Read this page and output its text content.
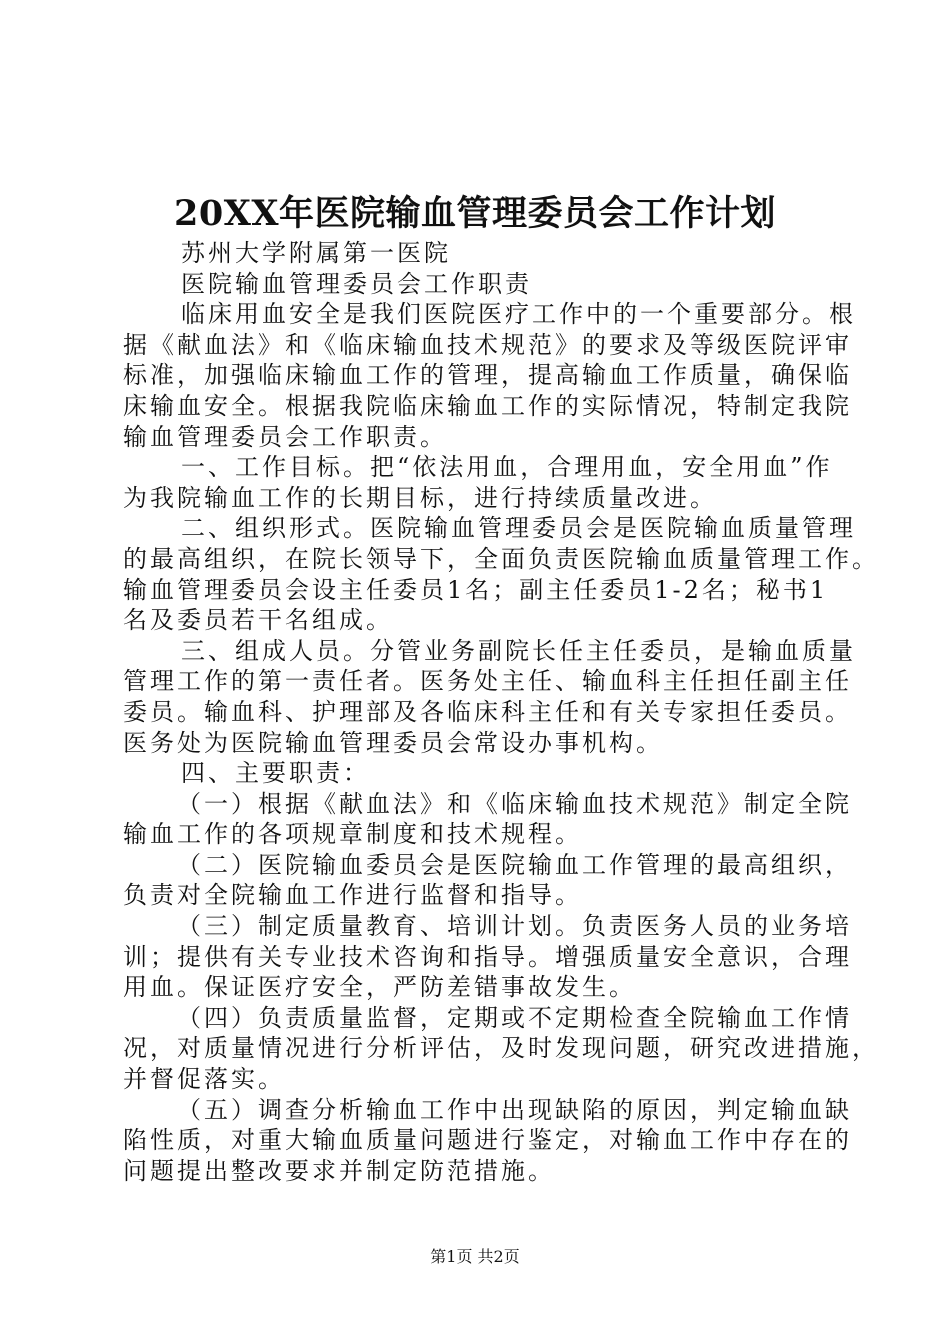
20XX年医院输血管理委员会工作计划
苏州大学附属第一医院
医院输血管理委员会工作职责
临床用血安全是我们医院医疗工作中的一个重要部分。根
据《献血法》和《临床输血技术规范》的要求及等级医院评审
标准，加强临床输血工作的管理，提高输血工作质量，确保临
床输血安全。根据我院临床输血工作的实际情况，特制定我院
输血管理委员会工作职责。
一、工作目标。把“依法用血，合理用血，安全用血”作
为我院输血工作的长期目标，进行持续质量改进。
二、组织形式。医院输血管理委员会是医院输血质量管理
的最高组织，在院长领导下，全面负责医院输血质量管理工作。
输血管理委员会设主任委员1名；副主任委员1-2名；秘书1
名及委员若干名组成。
三、组成人员。分管业务副院长任主任委员，是输血质量
管理工作的第一责任者。医务处主任、输血科主任担任副主任
委员。输血科、护理部及各临床科主任和有关专家担任委员。
医务处为医院输血管理委员会常设办事机构。
四、主要职责：
（一）根据《献血法》和《临床输血技术规范》制定全院
输血工作的各项规章制度和技术规程。
（二）医院输血委员会是医院输血工作管理的最高组织，
负责对全院输血工作进行监督和指导。
（三）制定质量教育、培训计划。负责医务人员的业务培
训；提供有关专业技术咨询和指导。增强质量安全意识，合理
用血。保证医疗安全，严防差错事故发生。
（四）负责质量监督，定期或不定期检查全院输血工作情
况，对质量情况进行分析评估，及时发现问题，研究改进措施，
并督促落实。
（五）调查分析输血工作中出现缺陷的原因，判定输血缺
陷性质，对重大输血质量问题进行鉴定，对输血工作中存在的
问题提出整改要求并制定防范措施。
第1页 共2页
